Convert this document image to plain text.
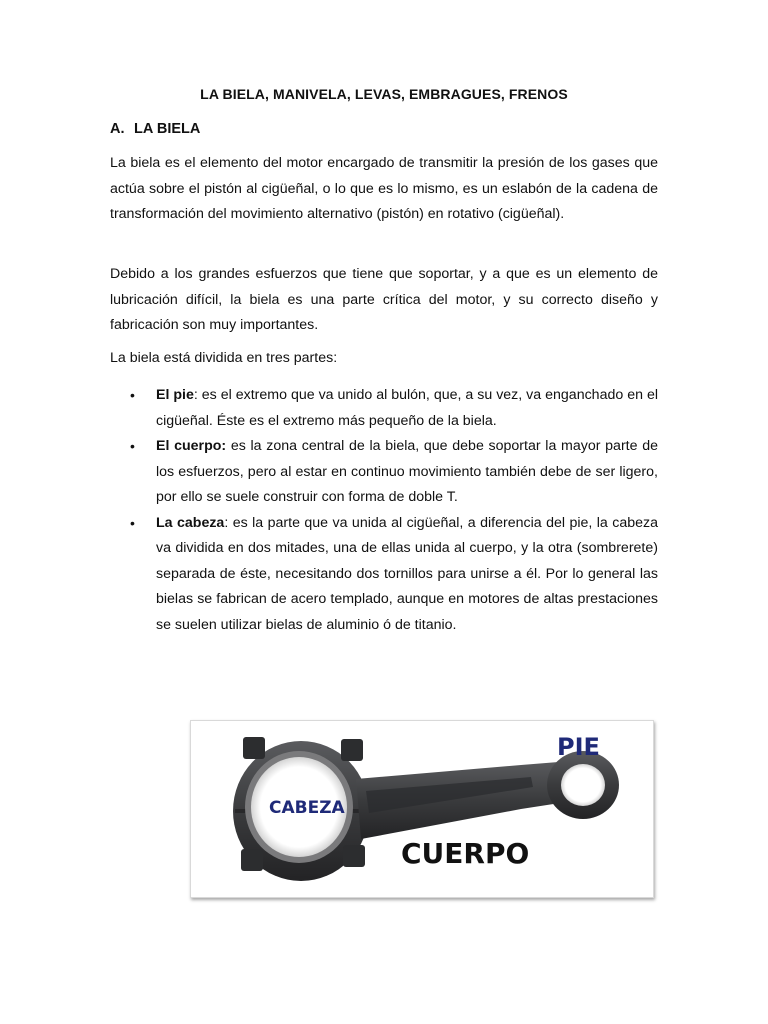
LA BIELA, MANIVELA, LEVAS, EMBRAGUES, FRENOS
A. LA BIELA

La biela es el elemento del motor encargado de transmitir la presión de los gases que actúa sobre el pistón al cigüeñal, o lo que es lo mismo, es un eslabón de la cadena de transformación del movimiento alternativo (pistón) en rotativo (cigüeñal).

Debido a los grandes esfuerzos que tiene que soportar, y a que es un elemento de lubricación difícil, la biela es una parte crítica del motor, y su correcto diseño y fabricación son muy importantes.

La biela está dividida en tres partes:

• El pie: es el extremo que va unido al bulón, que, a su vez, va enganchado en el cigüeñal. Éste es el extremo más pequeño de la biela.
• El cuerpo: es la zona central de la biela, que debe soportar la mayor parte de los esfuerzos, pero al estar en continuo movimiento también debe de ser ligero, por ello se suele construir con forma de doble T.
• La cabeza: es la parte que va unida al cigüeñal, a diferencia del pie, la cabeza va dividida en dos mitades, una de ellas unida al cuerpo, y la otra (sombrerete) separada de éste, necesitando dos tornillos para unirse a él. Por lo general las bielas se fabrican de acero templado, aunque en motores de altas prestaciones se suelen utilizar bielas de aluminio ó de titanio.
PIE
CABEZA
CUERPO
